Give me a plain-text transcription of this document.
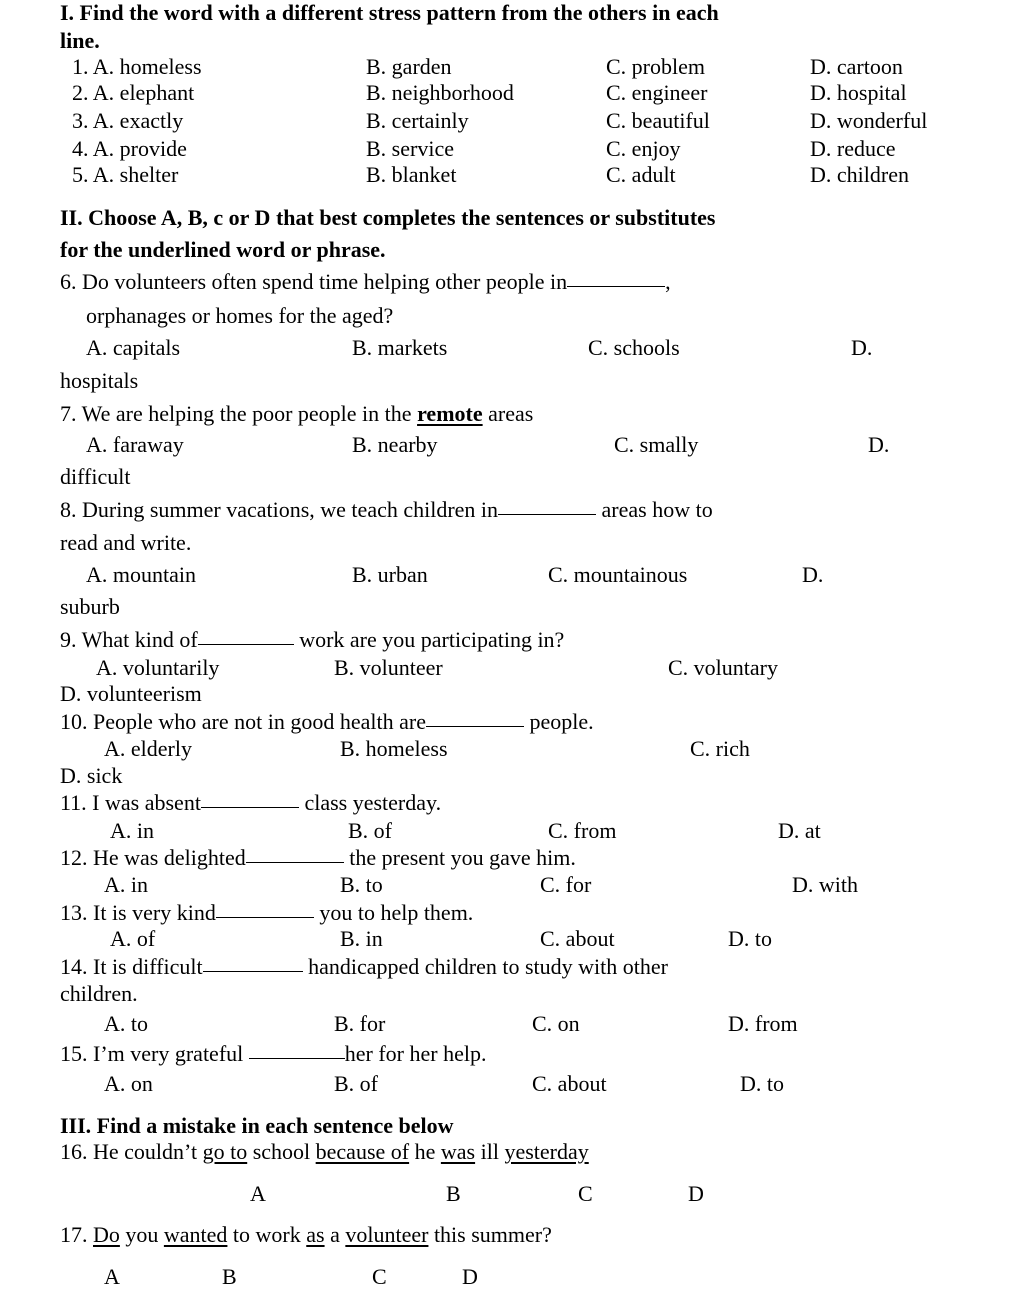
I. Find the word with a different stress pattern from the others in each
line.
1. A. homeless	B. garden	C. problem	D. cartoon
2. A. elephant	B. neighborhood	C. engineer	D. hospital
3. A. exactly	B. certainly	C. beautiful	D. wonderful
4. A. provide	B. service	C. enjoy	D. reduce
5. A. shelter	B. blanket	C. adult	D. children
II. Choose A, B, c or D that best completes the sentences or substitutes
for the underlined word or phrase.
6. Do volunteers often spend time helping other people in	,
orphanages or homes for the aged?
A. capitals	B. markets	C. schools	D.
hospitals
7. We are helping the poor people in the remote areas
A. faraway	B. nearby	C. smally	D.
difficult
8. During summer vacations, we teach children in	areas how to
read and write.
A. mountain	B. urban	C. mountainous	D.
suburb
9. What kind of	work are you participating in?
A. voluntarily	B. volunteer	C. voluntary
D. volunteerism
10. People who are not in good health are	people.
A. elderly	B. homeless	C. rich
D. sick
11. I was absent	class yesterday.
A. in	B. of	C. from	D. at
12. He was delighted	the present you gave him.
A. in	B. to	C. for	D. with
13. It is very kind	you to help them.
A. of	B. in	C. about	D. to
14. It is difficult	handicapped children to study with other
children.
A. to	B. for	C. on	D. from
15. I’m very grateful	her for her help.
A. on	B. of	C. about	D. to
III. Find a mistake in each sentence below
16. He couldn’t go to school because of he was ill yesterday
A	B	C	D
17. Do you wanted to work as a volunteer this summer?
A	B	C	D
